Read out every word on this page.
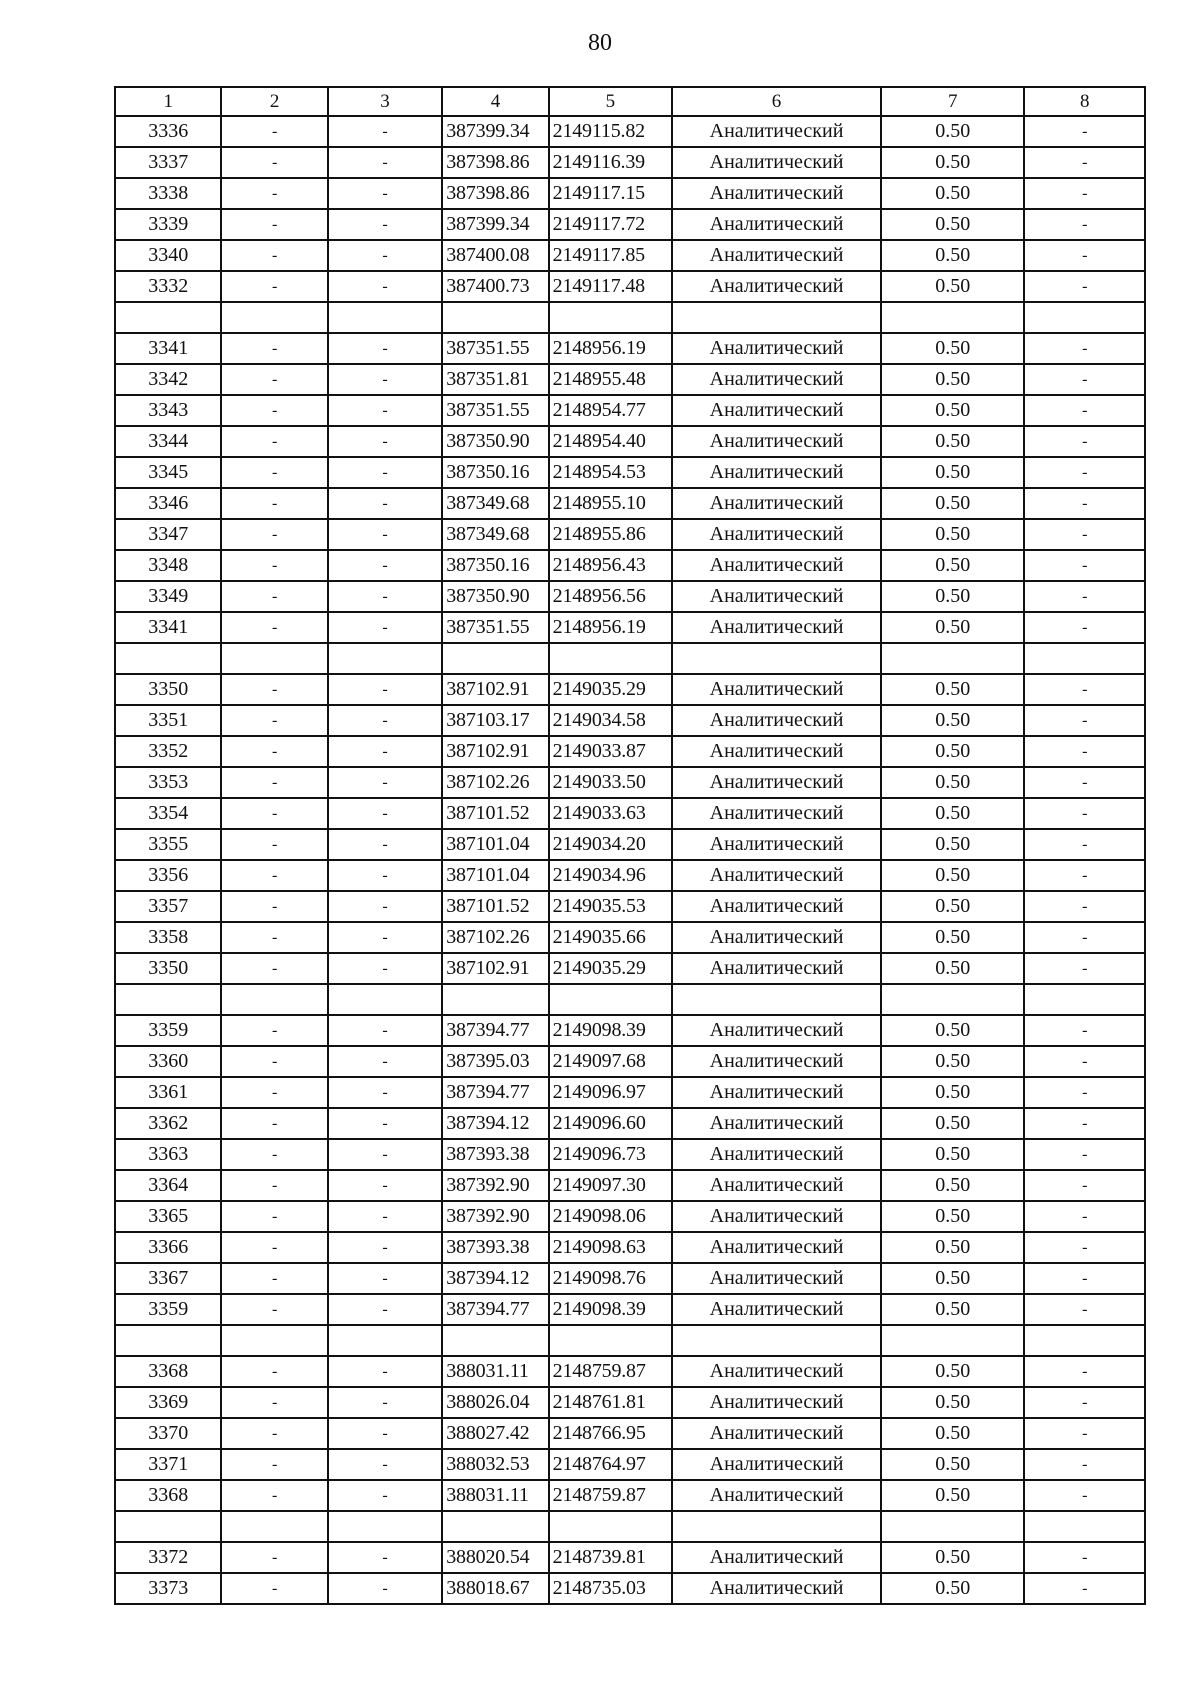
80
1	2	3	4	5	6	7	8
3336	-	-	387399.34	2149115.82	Аналитический	0.50	-
3337	-	-	387398.86	2149116.39	Аналитический	0.50	-
3338	-	-	387398.86	2149117.15	Аналитический	0.50	-
3339	-	-	387399.34	2149117.72	Аналитический	0.50	-
3340	-	-	387400.08	2149117.85	Аналитический	0.50	-
3332	-	-	387400.73	2149117.48	Аналитический	0.50	-

3341	-	-	387351.55	2148956.19	Аналитический	0.50	-
3342	-	-	387351.81	2148955.48	Аналитический	0.50	-
3343	-	-	387351.55	2148954.77	Аналитический	0.50	-
3344	-	-	387350.90	2148954.40	Аналитический	0.50	-
3345	-	-	387350.16	2148954.53	Аналитический	0.50	-
3346	-	-	387349.68	2148955.10	Аналитический	0.50	-
3347	-	-	387349.68	2148955.86	Аналитический	0.50	-
3348	-	-	387350.16	2148956.43	Аналитический	0.50	-
3349	-	-	387350.90	2148956.56	Аналитический	0.50	-
3341	-	-	387351.55	2148956.19	Аналитический	0.50	-

3350	-	-	387102.91	2149035.29	Аналитический	0.50	-
3351	-	-	387103.17	2149034.58	Аналитический	0.50	-
3352	-	-	387102.91	2149033.87	Аналитический	0.50	-
3353	-	-	387102.26	2149033.50	Аналитический	0.50	-
3354	-	-	387101.52	2149033.63	Аналитический	0.50	-
3355	-	-	387101.04	2149034.20	Аналитический	0.50	-
3356	-	-	387101.04	2149034.96	Аналитический	0.50	-
3357	-	-	387101.52	2149035.53	Аналитический	0.50	-
3358	-	-	387102.26	2149035.66	Аналитический	0.50	-
3350	-	-	387102.91	2149035.29	Аналитический	0.50	-

3359	-	-	387394.77	2149098.39	Аналитический	0.50	-
3360	-	-	387395.03	2149097.68	Аналитический	0.50	-
3361	-	-	387394.77	2149096.97	Аналитический	0.50	-
3362	-	-	387394.12	2149096.60	Аналитический	0.50	-
3363	-	-	387393.38	2149096.73	Аналитический	0.50	-
3364	-	-	387392.90	2149097.30	Аналитический	0.50	-
3365	-	-	387392.90	2149098.06	Аналитический	0.50	-
3366	-	-	387393.38	2149098.63	Аналитический	0.50	-
3367	-	-	387394.12	2149098.76	Аналитический	0.50	-
3359	-	-	387394.77	2149098.39	Аналитический	0.50	-

3368	-	-	388031.11	2148759.87	Аналитический	0.50	-
3369	-	-	388026.04	2148761.81	Аналитический	0.50	-
3370	-	-	388027.42	2148766.95	Аналитический	0.50	-
3371	-	-	388032.53	2148764.97	Аналитический	0.50	-
3368	-	-	388031.11	2148759.87	Аналитический	0.50	-

3372	-	-	388020.54	2148739.81	Аналитический	0.50	-
3373	-	-	388018.67	2148735.03	Аналитический	0.50	-
